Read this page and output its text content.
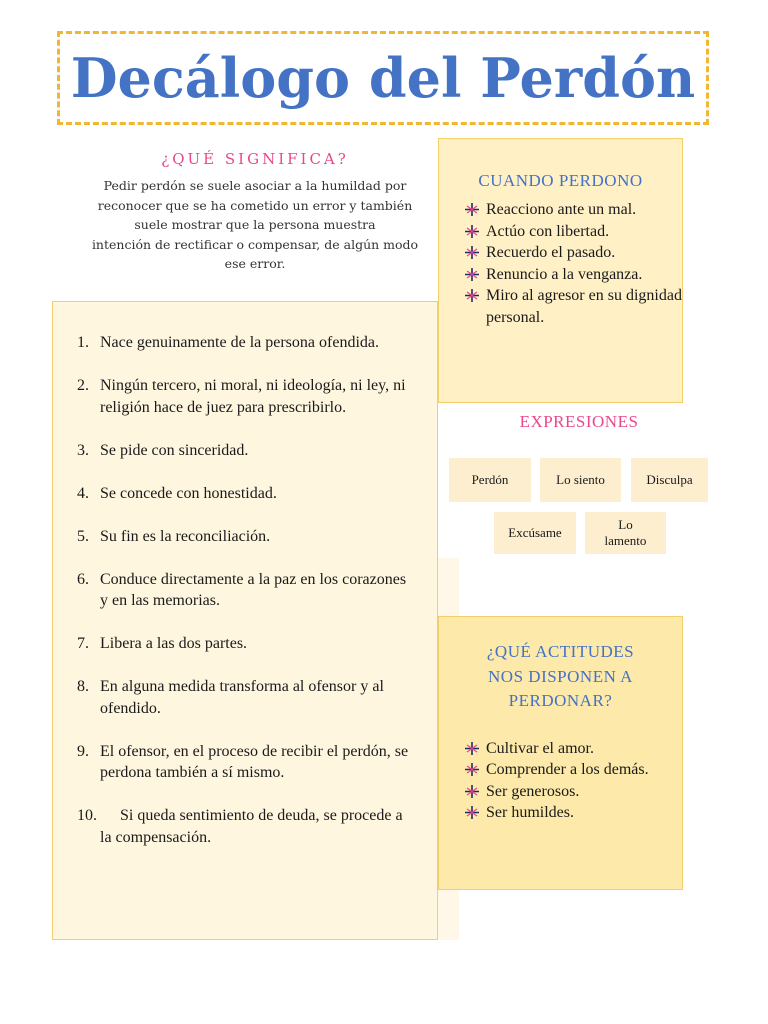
Decálogo del Perdón
¿QUÉ SIGNIFICA?
Pedir perdón se suele asociar a la humildad por
reconocer que se ha cometido un error y también
suele mostrar que la persona muestra
intención de rectificar o compensar, de algún modo
ese error.
1. Nace genuinamente de la persona ofendida.
2. Ningún tercero, ni moral, ni ideología, ni ley, ni religión hace de juez para prescribirlo.
3. Se pide con sinceridad.
4. Se concede con honestidad.
5. Su fin es la reconciliación.
6. Conduce directamente a la paz en los corazones y en las memorias.
7. Libera a las dos partes.
8. En alguna medida transforma al ofensor y al ofendido.
9. El ofensor, en el proceso de recibir el perdón, se perdona también a sí mismo.
10. Si queda sentimiento de deuda, se procede a la compensación.
CUANDO PERDONO
Reacciono ante un mal.
Actúo con libertad.
Recuerdo el pasado.
Renuncio a la venganza.
Miro al agresor en su dignidad personal.
EXPRESIONES
Perdón	Lo siento	Disculpa
Excúsame
Lo lamento
¿QUÉ ACTITUDES
NOS DISPONEN A
PERDONAR?
Cultivar el amor.
Comprender a los demás.
Ser generosos.
Ser humildes.
